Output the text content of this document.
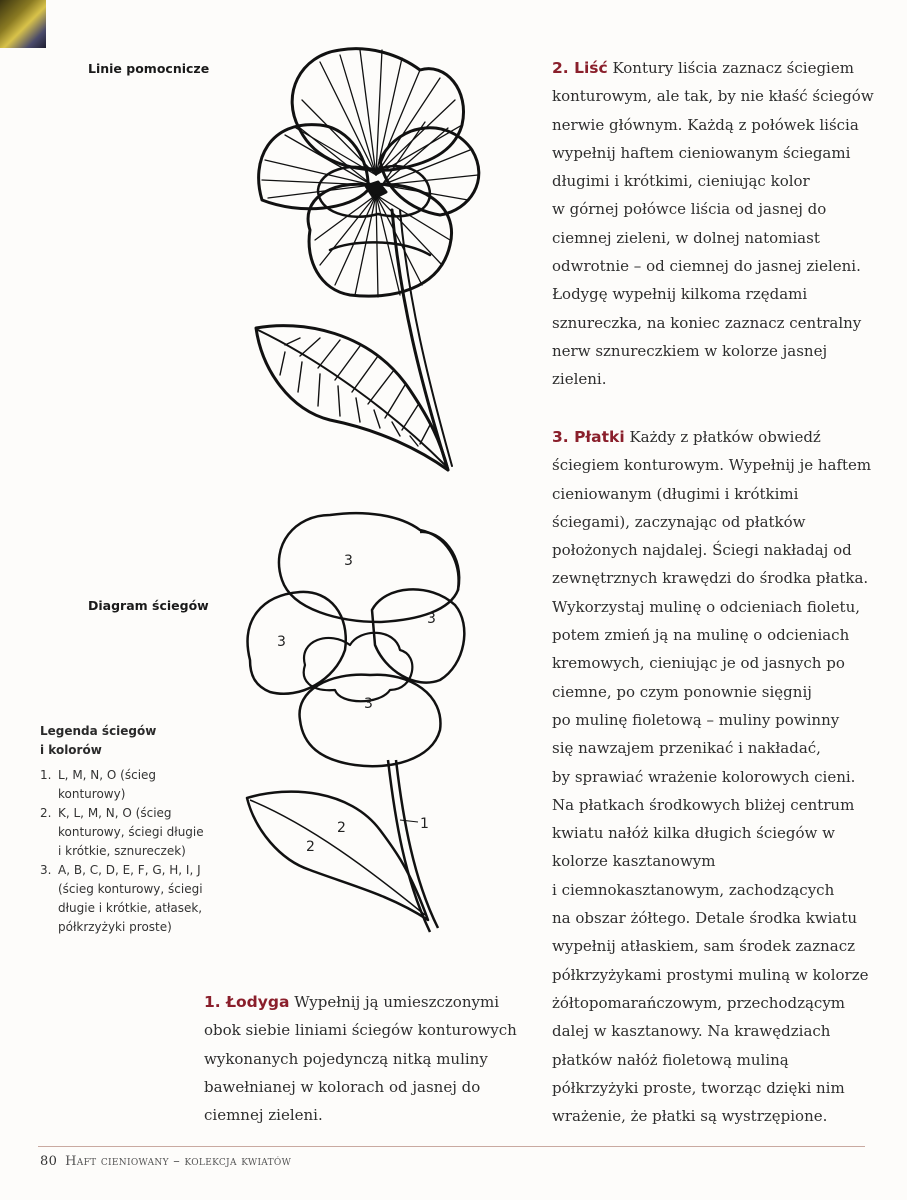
Linie pomocnicze
Diagram ściegów
Legenda ściegów
i kolorów
1. L, M, N, O (ścieg konturowy)
2. K, L, M, N, O (ścieg konturowy, ściegi długie i krótkie, sznureczek)
3. A, B, C, D, E, F, G, H, I, J (ścieg konturowy, ściegi długie i krótkie, atłasek, półkrzyżyki proste)
3
3
3
3
2
2
1
2. Liść Kontury liścia zaznacz ściegiem
konturowym, ale tak, by nie kłaść ściegów
nerwie głównym. Każdą z połówek liścia
wypełnij haftem cieniowanym ściegami
długimi i krótkimi, cieniując kolor
w górnej połówce liścia od jasnej do
ciemnej zieleni, w dolnej natomiast
odwrotnie – od ciemnej do jasnej zieleni.
Łodygę wypełnij kilkoma rzędami
sznureczka, na koniec zaznacz centralny
nerw sznureczkiem w kolorze jasnej
zieleni.
3. Płatki Każdy z płatków obwiedź
ściegiem konturowym. Wypełnij je haftem
cieniowanym (długimi i krótkimi
ściegami), zaczynając od płatków
położonych najdalej. Ściegi nakładaj od
zewnętrznych krawędzi do środka płatka.
Wykorzystaj mulinę o odcieniach fioletu,
potem zmień ją na mulinę o odcieniach
kremowych, cieniując je od jasnych po
ciemne, po czym ponownie sięgnij
po mulinę fioletową – muliny powinny
się nawzajem przenikać i nakładać,
by sprawiać wrażenie kolorowych cieni.
Na płatkach środkowych bliżej centrum
kwiatu nałóż kilka długich ściegów w
kolorze kasztanowym
i ciemnokasztanowym, zachodzących
na obszar żółtego. Detale środka kwiatu
wypełnij atłaskiem, sam środek zaznacz
półkrzyżykami prostymi muliną w kolorze
żółtopomarańczowym, przechodzącym
dalej w kasztanowy. Na krawędziach
płatków nałóż fioletową muliną
półkrzyżyki proste, tworząc dzięki nim
wrażenie, że płatki są wystrzępione.
1. Łodyga Wypełnij ją umieszczonymi
obok siebie liniami ściegów konturowych
wykonanych pojedynczą nitką muliny
bawełnianej w kolorach od jasnej do
ciemnej zieleni.
80 Haft cieniowany – kolekcja kwiatów
